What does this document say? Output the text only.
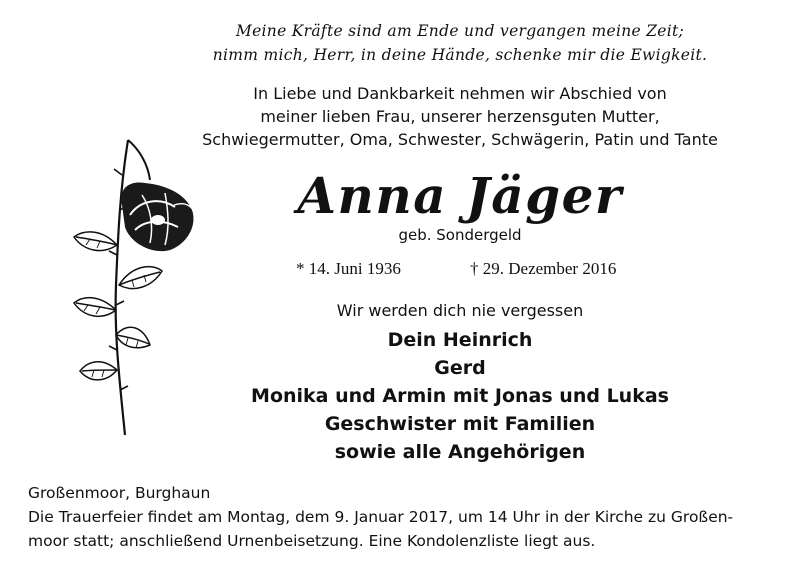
Meine Kräfte sind am Ende und vergangen meine Zeit;

nimm mich, Herr, in deine Hände, schenke mir die Ewigkeit.

In Liebe und Dankbarkeit nehmen wir Abschied von

meiner lieben Frau, unserer herzensguten Mutter,

Schwiegermutter, Oma, Schwester, Schwägerin, Patin und Tante

Anna Jäger

geb. Sondergeld

* 14. Juni 1936	† 29. Dezember 2016

Wir werden dich nie vergessen

Dein Heinrich

Gerd

Monika und Armin mit Jonas und Lukas

Geschwister mit Familien

sowie alle Angehörigen

Großenmoor, Burghaun

Die Trauerfeier findet am Montag, dem 9. Januar 2017, um 14 Uhr in der Kirche zu Großen-

moor statt; anschließend Urnenbeisetzung. Eine Kondolenzliste liegt aus.
